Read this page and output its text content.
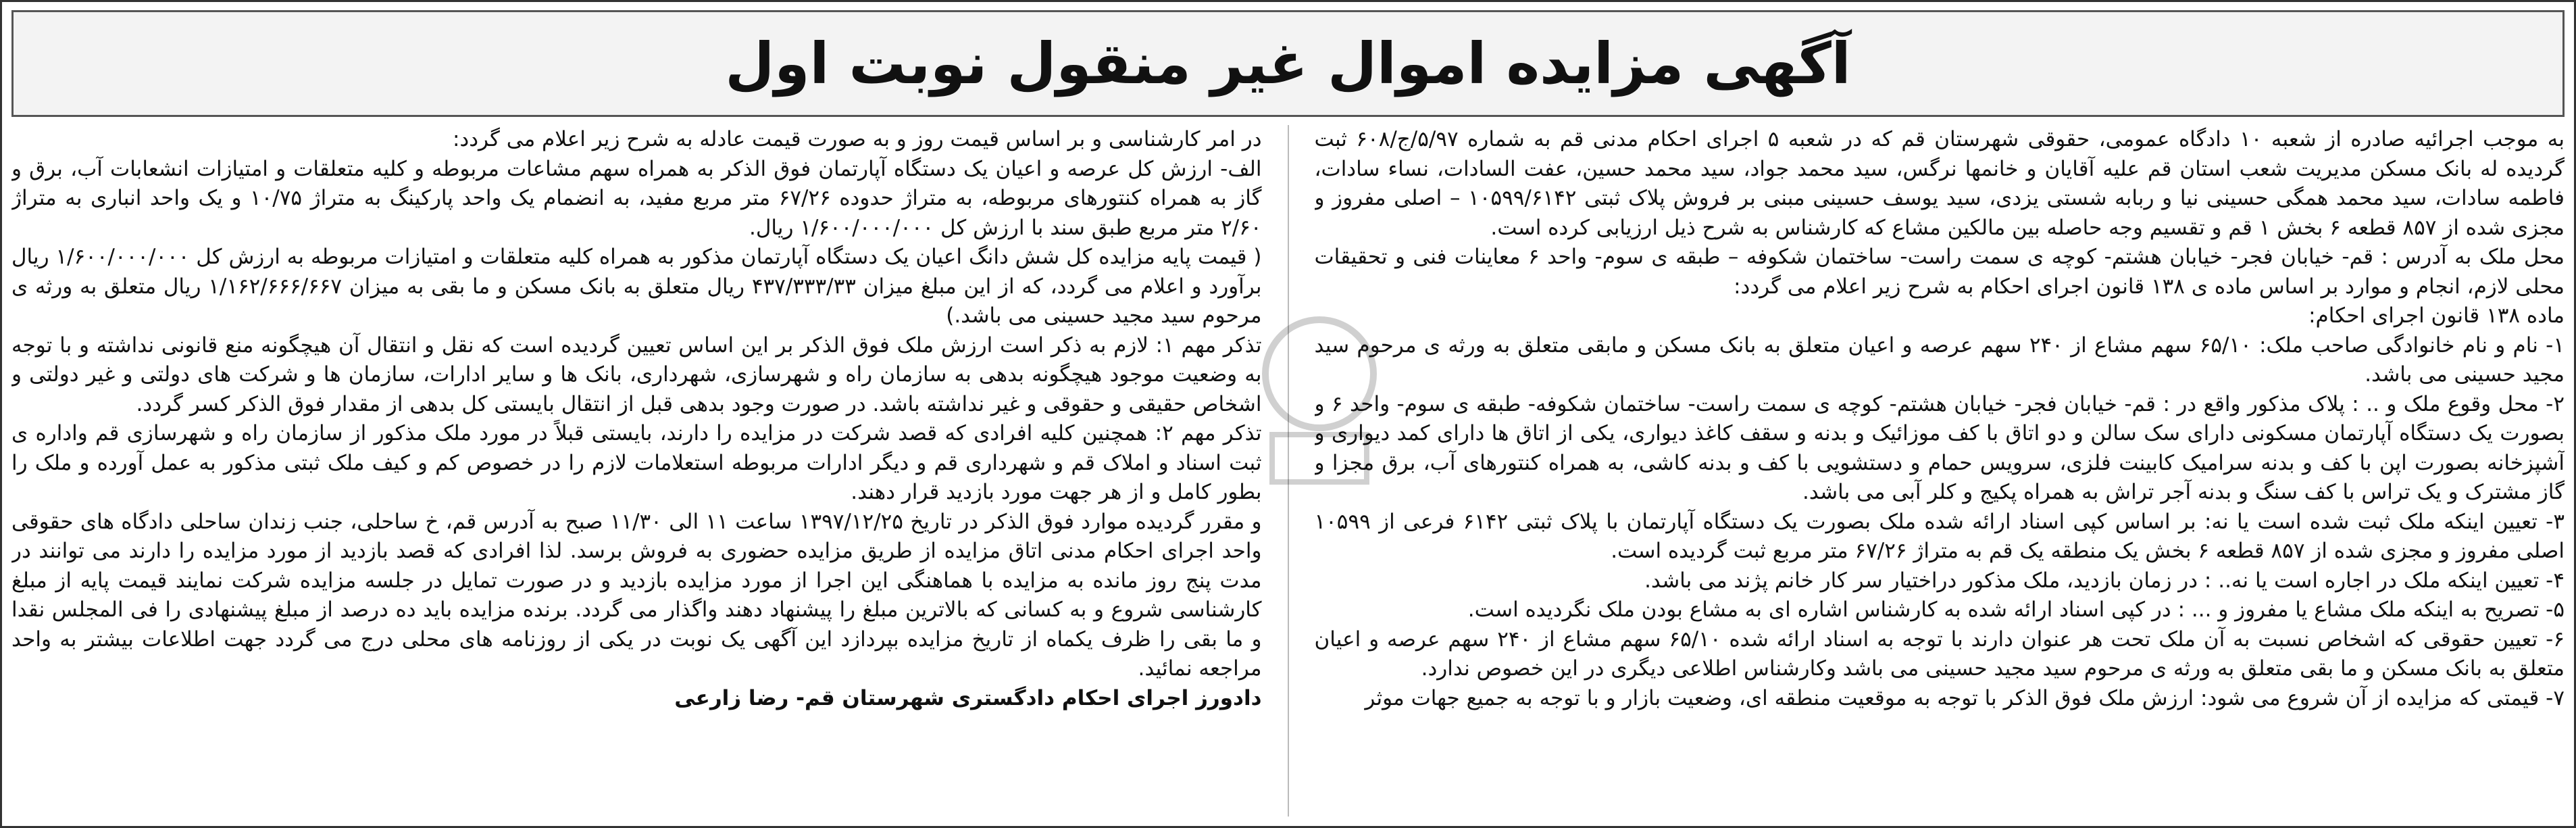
آگهی مزایده اموال غیر منقول نوبت اول

به موجب اجرائیه صادره از شعبه ۱۰ دادگاه عمومی، حقوقی شهرستان قم که در شعبه ۵ اجرای احکام مدنی قم به شماره ۵/۹۷/ج/۶۰۸ ثبت گردیده له بانک مسکن مدیریت شعب استان قم علیه آقایان و خانمها نرگس، سید محمد جواد، سید محمد حسین، عفت السادات، نساء سادات، فاطمه سادات، سید محمد همگی حسینی نیا و ربابه شستی یزدی، سید یوسف حسینی مبنی بر فروش پلاک ثبتی ۱۰۵۹۹/۶۱۴۲ – اصلی مفروز و مجزی شده از ۸۵۷ قطعه ۶ بخش ۱ قم و تقسیم وجه حاصله بین مالکین مشاع که کارشناس به شرح ذیل ارزیابی کرده است.

محل ملک به آدرس : قم- خیابان فجر- خیابان هشتم- کوچه ی سمت راست- ساختمان شکوفه – طبقه ی سوم- واحد ۶ معاینات فنی و تحقیقات محلی لازم، انجام و موارد بر اساس ماده ی ۱۳۸ قانون اجرای احکام به شرح زیر اعلام می گردد:

ماده ۱۳۸ قانون اجرای احکام:

۱- نام و نام خانوادگی صاحب ملک: ۶۵/۱۰ سهم مشاع از ۲۴۰ سهم عرصه و اعیان متعلق به بانک مسکن و مابقی متعلق به ورثه ی مرحوم سید مجید حسینی می باشد.

۲- محل وقوع ملک و .. : پلاک مذکور واقع در : قم- خیابان فجر- خیابان هشتم- کوچه ی سمت راست- ساختمان شکوفه- طبقه ی سوم- واحد ۶ و بصورت یک دستگاه آپارتمان مسکونی دارای سک سالن و دو اتاق با کف موزائیک و بدنه و سقف کاغذ دیواری، یکی از اتاق ها دارای کمد دیواری و آشپزخانه بصورت اپن با کف و بدنه سرامیک کابینت فلزی، سرویس حمام و دستشویی با کف و بدنه کاشی، به همراه کنتورهای آب، برق مجزا و گاز مشترک و یک تراس با کف سنگ و بدنه آجر تراش به همراه پکیج و کلر آبی می باشد.

۳- تعیین اینکه ملک ثبت شده است یا نه: بر اساس کپی اسناد ارائه شده ملک بصورت یک دستگاه آپارتمان با پلاک ثبتی ۶۱۴۲ فرعی از ۱۰۵۹۹ اصلی مفروز و مجزی شده از ۸۵۷ قطعه ۶ بخش یک منطقه یک قم به متراژ ۶۷/۲۶ متر مربع ثبت گردیده است.

۴- تعیین اینکه ملک در اجاره است یا نه.. : در زمان بازدید، ملک مذکور دراختیار سر کار خانم پژند می باشد.

۵- تصریح به اینکه ملک مشاع یا مفروز و ... : در کپی اسناد ارائه شده به کارشناس اشاره ای به مشاع بودن ملک نگردیده است.

۶- تعیین حقوقی که اشخاص نسبت به آن ملک تحت هر عنوان دارند با توجه به اسناد ارائه شده ۶۵/۱۰ سهم مشاع از ۲۴۰ سهم عرصه و اعیان متعلق به بانک مسکن و ما بقی متعلق به ورثه ی مرحوم سید مجید حسینی می باشد وکارشناس اطلاعی دیگری در این خصوص ندارد.

۷- قیمتی که مزایده از آن شروع می شود: ارزش ملک فوق الذکر با توجه به موقعیت منطقه ای، وضعیت بازار و با توجه به جمیع جهات موثر

در امر کارشناسی و بر اساس قیمت روز و به صورت قیمت عادله به شرح زیر اعلام می گردد:

الف- ارزش کل عرصه و اعیان یک دستگاه آپارتمان فوق الذکر به همراه سهم مشاعات مربوطه و کلیه متعلقات و امتیازات انشعابات آب، برق و گاز به همراه کنتورهای مربوطه، به متراژ حدوده ۶۷/۲۶ متر مربع مفید، به انضمام یک واحد پارکینگ به متراژ ۱۰/۷۵ و یک واحد انباری به متراژ ۲/۶۰ متر مربع طبق سند با ارزش کل ۱/۶۰۰/۰۰۰/۰۰۰ ریال.

( قیمت پایه مزایده کل شش دانگ اعیان یک دستگاه آپارتمان مذکور به همراه کلیه متعلقات و امتیازات مربوطه به ارزش کل ۱/۶۰۰/۰۰۰/۰۰۰ ریال برآورد و اعلام می گردد، که از این مبلغ میزان ۴۳۷/۳۳۳/۳۳ ریال متعلق به بانک مسکن و ما بقی به میزان ۱/۱۶۲/۶۶۶/۶۶۷ ریال متعلق به ورثه ی مرحوم سید مجید حسینی می باشد.)

تذکر مهم ۱: لازم به ذکر است ارزش ملک فوق الذکر بر این اساس تعیین گردیده است که نقل و انتقال آن هیچگونه منع قانونی نداشته و با توجه به وضعیت موجود هیچگونه بدهی به سازمان راه و شهرسازی، شهرداری، بانک ها و سایر ادارات، سازمان ها و شرکت های دولتی و غیر دولتی و اشخاص حقیقی و حقوقی و غیر نداشته باشد. در صورت وجود بدهی قبل از انتقال بایستی کل بدهی از مقدار فوق الذکر کسر گردد.

تذکر مهم ۲: همچنین کلیه افرادی که قصد شرکت در مزایده را دارند، بایستی قبلاً در مورد ملک مذکور از سازمان راه و شهرسازی قم واداره ی ثبت اسناد و املاک قم و شهرداری قم و دیگر ادارات مربوطه استعلامات لازم را در خصوص کم و کیف ملک ثبتی مذکور به عمل آورده و ملک را بطور کامل و از هر جهت مورد بازدید قرار دهند.

و مقرر گردیده موارد فوق الذکر در تاریخ ۱۳۹۷/۱۲/۲۵ ساعت ۱۱ الی ۱۱/۳۰ صبح به آدرس قم، خ ساحلی، جنب زندان ساحلی دادگاه های حقوقی واحد اجرای احکام مدنی اتاق مزایده از طریق مزایده حضوری به فروش برسد. لذا افرادی که قصد بازدید از مورد مزایده را دارند می توانند در مدت پنج روز مانده به مزایده با هماهنگی این اجرا از مورد مزایده بازدید و در صورت تمایل در جلسه مزایده شرکت نمایند قیمت پایه از مبلغ کارشناسی شروع و به کسانی که بالاترین مبلغ را پیشنهاد دهند واگذار می گردد. برنده مزایده باید ده درصد از مبلغ پیشنهادی را فی المجلس نقدا و ما بقی را ظرف یکماه از تاریخ مزایده بپردازد این آگهی یک نوبت در یکی از روزنامه های محلی درج می گردد جهت اطلاعات بیشتر به واحد مراجعه نمائید.

دادورز اجرای احکام دادگستری شهرستان قم- رضا زارعی
